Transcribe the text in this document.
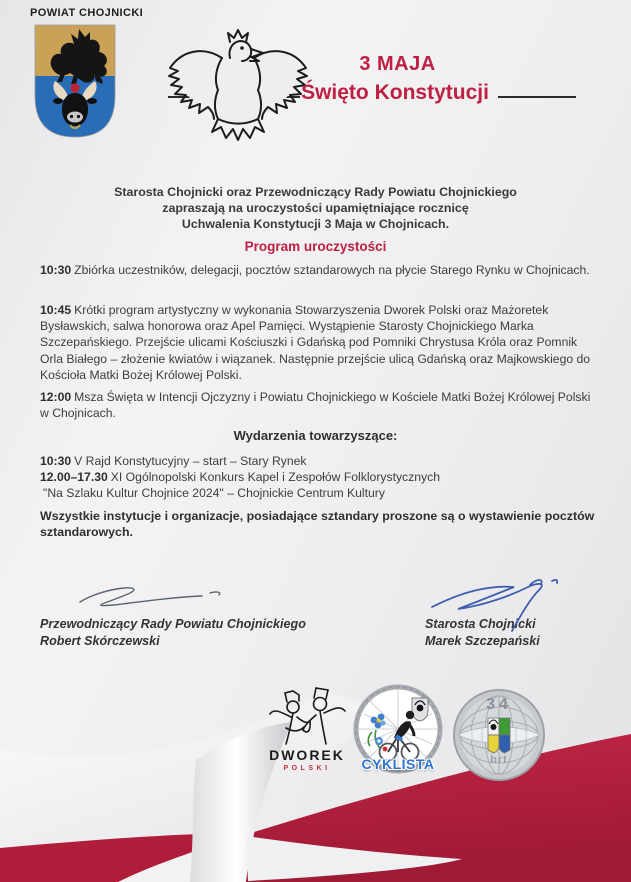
POWIAT CHOJNICKI
3 MAJA
Święto Konstytucji
Starosta Chojnicki oraz Przewodniczący Rady Powiatu Chojnickiego
zapraszają na uroczystości upamiętniające rocznicę
Uchwalenia Konstytucji 3 Maja w Chojnicach.
Program uroczystości
10:30 Zbiórka uczestników, delegacji, pocztów sztandarowych na płycie Starego Rynku w Chojnicach.
10:45 Krótki program artystyczny w wykonania Stowarzyszenia Dworek Polski oraz Mażoretek Bysławskich, salwa honorowa oraz Apel Pamięci. Wystąpienie Starosty Chojnickiego Marka Szczepańskiego. Przejście ulicami Kościuszki i Gdańską pod Pomniki Chrystusa Króla oraz Pomnik Orla Białego – złożenie kwiatów i wiązanek. Następnie przejście ulicą Gdańską oraz Majkowskiego do Kościoła Matki Bożej Królowej Polski.
12:00 Msza Święta w Intencji Ojczyzny i Powiatu Chojnickiego w Kościele Matki Bożej Królowej Polski w Chojnicach.
Wydarzenia towarzyszące:
10:30 V Rajd Konstytucyjny – start – Stary Rynek
12.00–17.30 XI Ogólnopolski Konkurs Kapel i Zespołów Folklorystycznych
"Na Szlaku Kultur Chojnice 2024" – Chojnickie Centrum Kultury
Wszystkie instytucje i organizacje, posiadające sztandary proszone są o wystawienie pocztów sztandarowych.
Przewodniczący Rady Powiatu Chojnickiego
Robert Skórczewski
Starosta Chojnicki
Marek Szczepański
DWOREK
POLSKI	CYKLISTA
34
brt
